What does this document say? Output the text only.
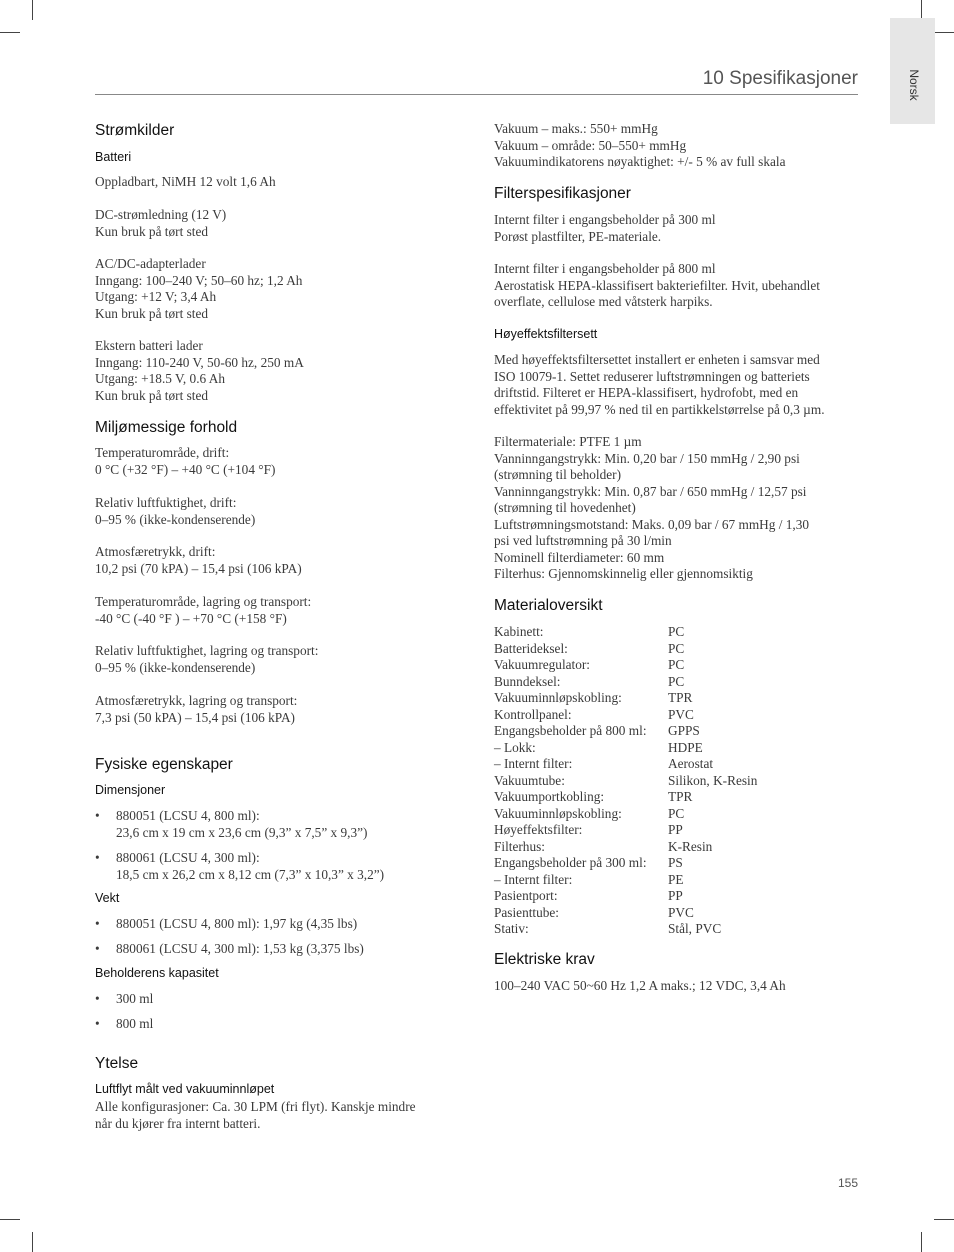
Norsk
10 Spesifikasjoner
Strømkilder
Batteri
Oppladbart, NiMH 12 volt 1,6 Ah
DC-strømledning (12 V)
Kun bruk på tørt sted
AC/DC-adapterlader
Inngang: 100–240 V; 50–60 hz; 1,2 Ah
Utgang: +12 V; 3,4 Ah
Kun bruk på tørt sted
Ekstern batteri lader
Inngang: 110-240 V, 50-60 hz, 250 mA
Utgang: +18.5 V, 0.6 Ah
Kun bruk på tørt sted
Miljømessige forhold
Temperaturområde, drift:
0 °C (+32 °F) – +40 °C (+104 °F)
Relativ luftfuktighet, drift:
0–95 % (ikke-kondenserende)
Atmosfæretrykk, drift:
10,2 psi (70 kPA) – 15,4 psi (106 kPA)
Temperaturområde, lagring og transport:
-40 °C (-40 °F ) – +70 °C (+158 °F)
Relativ luftfuktighet, lagring og transport:
0–95 % (ikke-kondenserende)
Atmosfæretrykk, lagring og transport:
7,3 psi (50 kPA) – 15,4 psi (106 kPA)
Fysiske egenskaper
Dimensjoner
• 880051 (LCSU 4, 800 ml):
23,6 cm x 19 cm x 23,6 cm (9,3” x 7,5” x 9,3”)
• 880061 (LCSU 4, 300 ml):
18,5 cm x 26,2 cm x 8,12 cm (7,3” x 10,3” x 3,2”)
Vekt
• 880051 (LCSU 4, 800 ml): 1,97 kg (4,35 lbs)
• 880061 (LCSU 4, 300 ml): 1,53 kg (3,375 lbs)
Beholderens kapasitet
• 300 ml
• 800 ml
Ytelse
Luftflyt målt ved vakuuminnløpet
Alle konfigurasjoner: Ca. 30 LPM (fri flyt). Kanskje mindre
når du kjører fra internt batteri.
Vakuum – maks.: 550+ mmHg
Vakuum – område: 50–550+ mmHg
Vakuumindikatorens nøyaktighet: +/- 5 % av full skala
Filterspesifikasjoner
Internt filter i engangsbeholder på 300 ml
Porøst plastfilter, PE-materiale.
Internt filter i engangsbeholder på 800 ml
Aerostatisk HEPA-klassifisert bakteriefilter. Hvit, ubehandlet
overflate, cellulose med våtsterk harpiks.
Høyeffektsfiltersett
Med høyeffektsfiltersettet installert er enheten i samsvar med
ISO 10079-1. Settet reduserer luftstrømningen og batteriets
driftstid. Filteret er HEPA-klassifisert, hydrofobt, med en
effektivitet på 99,97 % ned til en partikkelstørrelse på 0,3 µm.
Filtermateriale: PTFE 1 µm
Vanninngangstrykk: Min. 0,20 bar / 150 mmHg / 2,90 psi
(strømning til beholder)
Vanninngangstrykk: Min. 0,87 bar / 650 mmHg / 12,57 psi
(strømning til hovedenhet)
Luftstrømningsmotstand: Maks. 0,09 bar / 67 mmHg / 1,30
psi ved luftstrømning på 30 l/min
Nominell filterdiameter: 60 mm
Filterhus: Gjennomskinnelig eller gjennomsiktig
Materialoversikt
Kabinett:	PC
Batterideksel:	PC
Vakuumregulator:	PC
Bunndeksel:	PC
Vakuuminnløpskobling:	TPR
Kontrollpanel:	PVC
Engangsbeholder på 800 ml: GPPS
– Lokk:	HDPE
– Internt filter:	Aerostat
Vakuumtube:	Silikon, K-Resin
Vakuumportkobling:	TPR
Vakuuminnløpskobling:	PC
Høyeffektsfilter:	PP
Filterhus:	K-Resin
Engangsbeholder på 300 ml: PS
– Internt filter:	PE
Pasientport:	PP
Pasienttube:	PVC
Stativ:	Stål, PVC
Elektriske krav
100–240 VAC 50~60 Hz 1,2 A maks.; 12 VDC, 3,4 Ah
155
